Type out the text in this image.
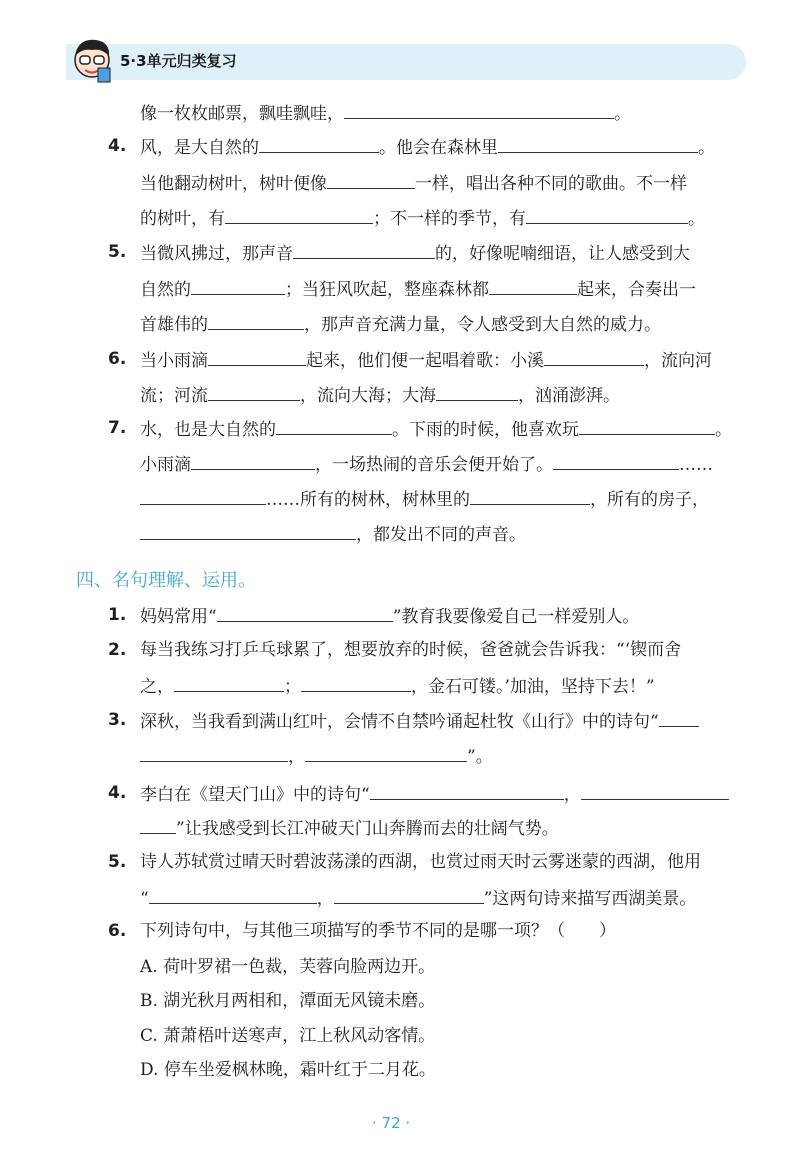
5·3单元归类复习
像一枚枚邮票，飘哇飘哇，	。
4. 风，是大自然的	。他会在森林里	。
当他翻动树叶，树叶便像	一样，唱出各种不同的歌曲。不一样
的树叶，有	；不一样的季节，有	。
5. 当微风拂过，那声音	的，好像呢喃细语，让人感受到大
自然的	；当狂风吹起，整座森林都	起来，合奏出一
首雄伟的	，那声音充满力量，令人感受到大自然的威力。
6. 当小雨滴	起来，他们便一起唱着歌：小溪	，流向河
流；河流	，流向大海；大海	，汹涌澎湃。
7. 水，也是大自然的	。下雨的时候，他喜欢玩	。
小雨滴	，一场热闹的音乐会便开始了。	……
……所有的树林，树林里的	，所有的房子，
，都发出不同的声音。
四、名句理解、运用。
1. 妈妈常用“	”教育我要像爱自己一样爱别人。
2. 每当我练习打乒乓球累了，想要放弃的时候，爸爸就会告诉我：“‘锲而舍
之，	；	，金石可镂。’加油，坚持下去！”
3. 深秋，当我看到满山红叶，会情不自禁吟诵起杜牧《山行》中的诗句“
，	”。
4. 李白在《望天门山》中的诗句“	，
”让我感受到长江冲破天门山奔腾而去的壮阔气势。
5. 诗人苏轼赏过晴天时碧波荡漾的西湖，也赏过雨天时云雾迷蒙的西湖，他用
“	，	”这两句诗来描写西湖美景。
6. 下列诗句中，与其他三项描写的季节不同的是哪一项？（　　）
A. 荷叶罗裙一色裁，芙蓉向脸两边开。
B. 湖光秋月两相和，潭面无风镜未磨。
C. 萧萧梧叶送寒声，江上秋风动客情。
D. 停车坐爱枫林晚，霜叶红于二月花。
· 72 ·
